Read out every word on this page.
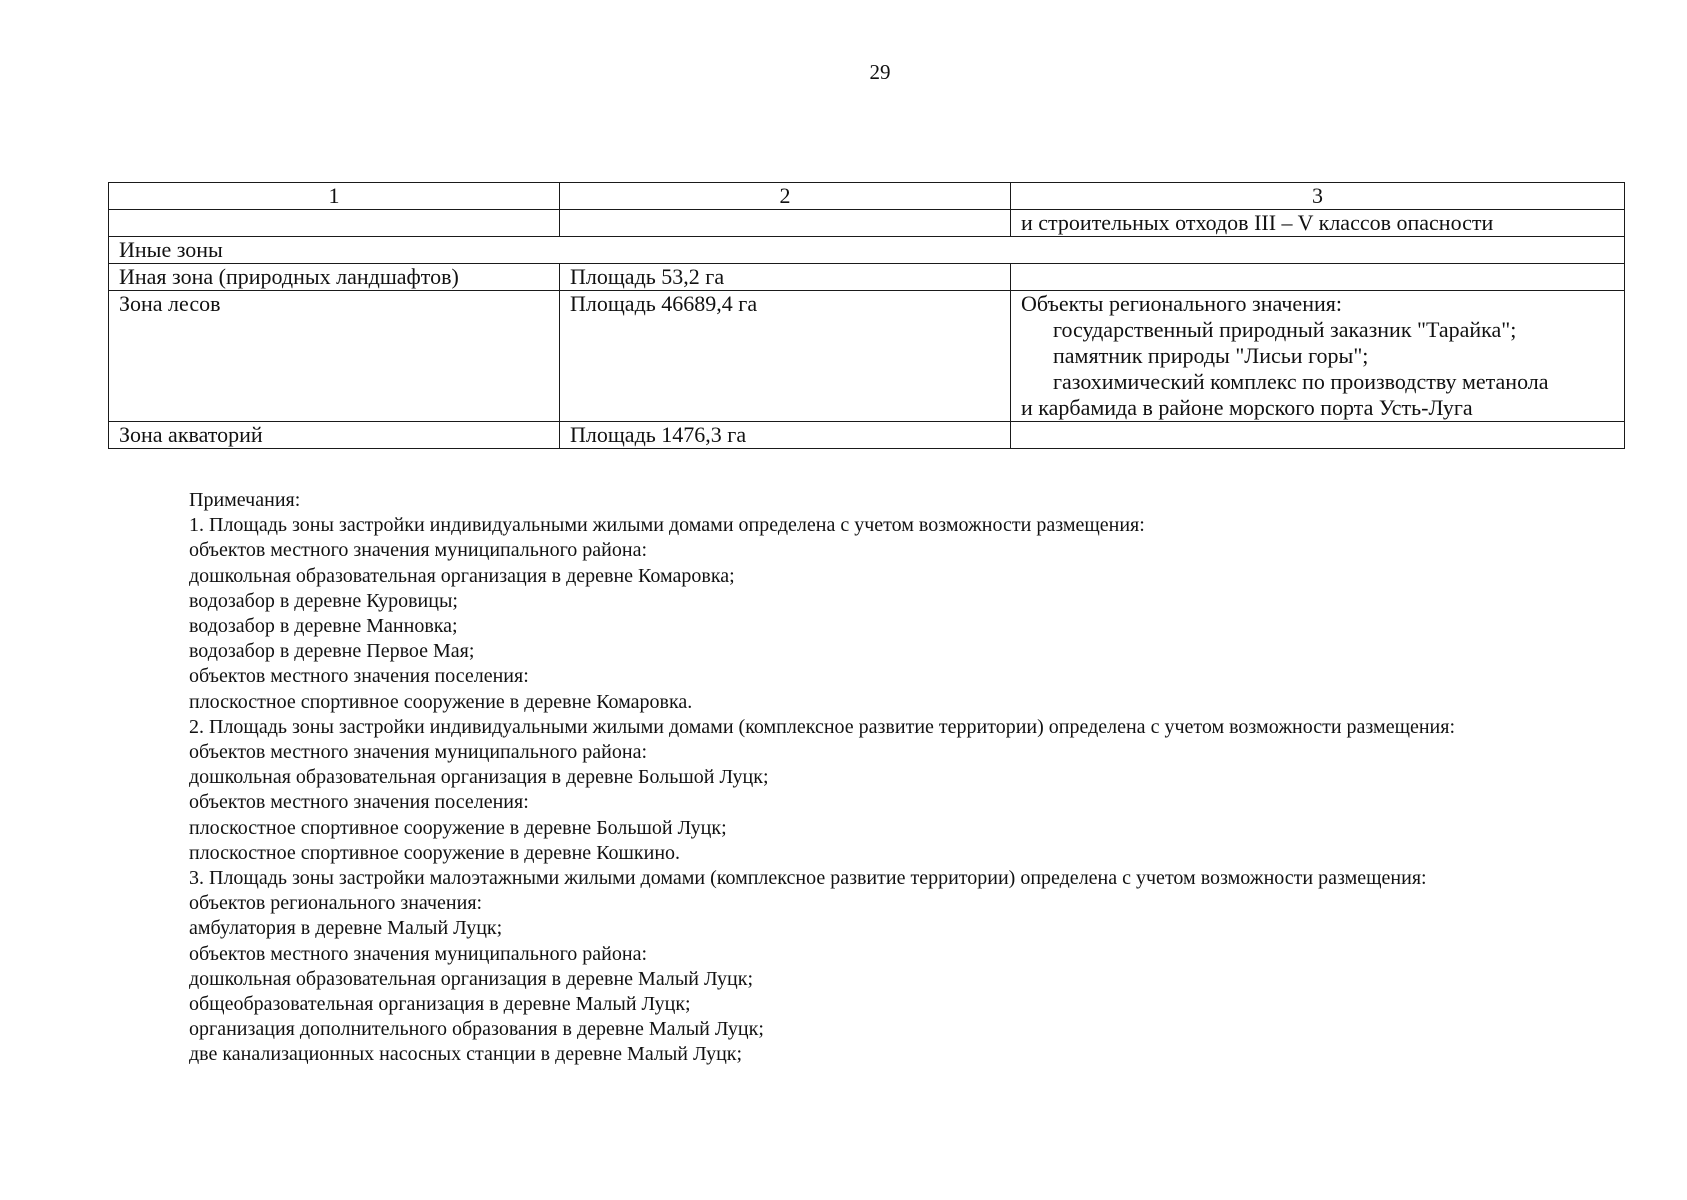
29
1	2	3
		и строительных отходов III – V классов опасности
Иные зоны		
Иная зона (природных ландшафтов)	Площадь 53,2 га	
Зона лесов	Площадь 46689,4 га	Объекты регионального значения:
государственный природный заказник "Тарайка";
памятник природы "Лисьи горы";
газохимический комплекс по производству метанола
и карбамида в районе морского порта Усть-Луга

Зона акваторий	Площадь 1476,3 га	
Примечания:
1. Площадь зоны застройки индивидуальными жилыми домами определена с учетом возможности размещения:
объектов местного значения муниципального района:
дошкольная образовательная организация в деревне Комаровка;
водозабор в деревне Куровицы;
водозабор в деревне Манновка;
водозабор в деревне Первое Мая;
объектов местного значения поселения:
плоскостное спортивное сооружение в деревне Комаровка.
2. Площадь зоны застройки индивидуальными жилыми домами (комплексное развитие территории) определена с учетом возможности размещения:
объектов местного значения муниципального района:
дошкольная образовательная организация в деревне Большой Луцк;
объектов местного значения поселения:
плоскостное спортивное сооружение в деревне Большой Луцк;
плоскостное спортивное сооружение в деревне Кошкино.
3. Площадь зоны застройки малоэтажными жилыми домами (комплексное развитие территории) определена с учетом возможности размещения:
объектов регионального значения:
амбулатория в деревне Малый Луцк;
объектов местного значения муниципального района:
дошкольная образовательная организация в деревне Малый Луцк;
общеобразовательная организация в деревне Малый Луцк;
организация дополнительного образования в деревне Малый Луцк;
две канализационных насосных станции в деревне Малый Луцк;
